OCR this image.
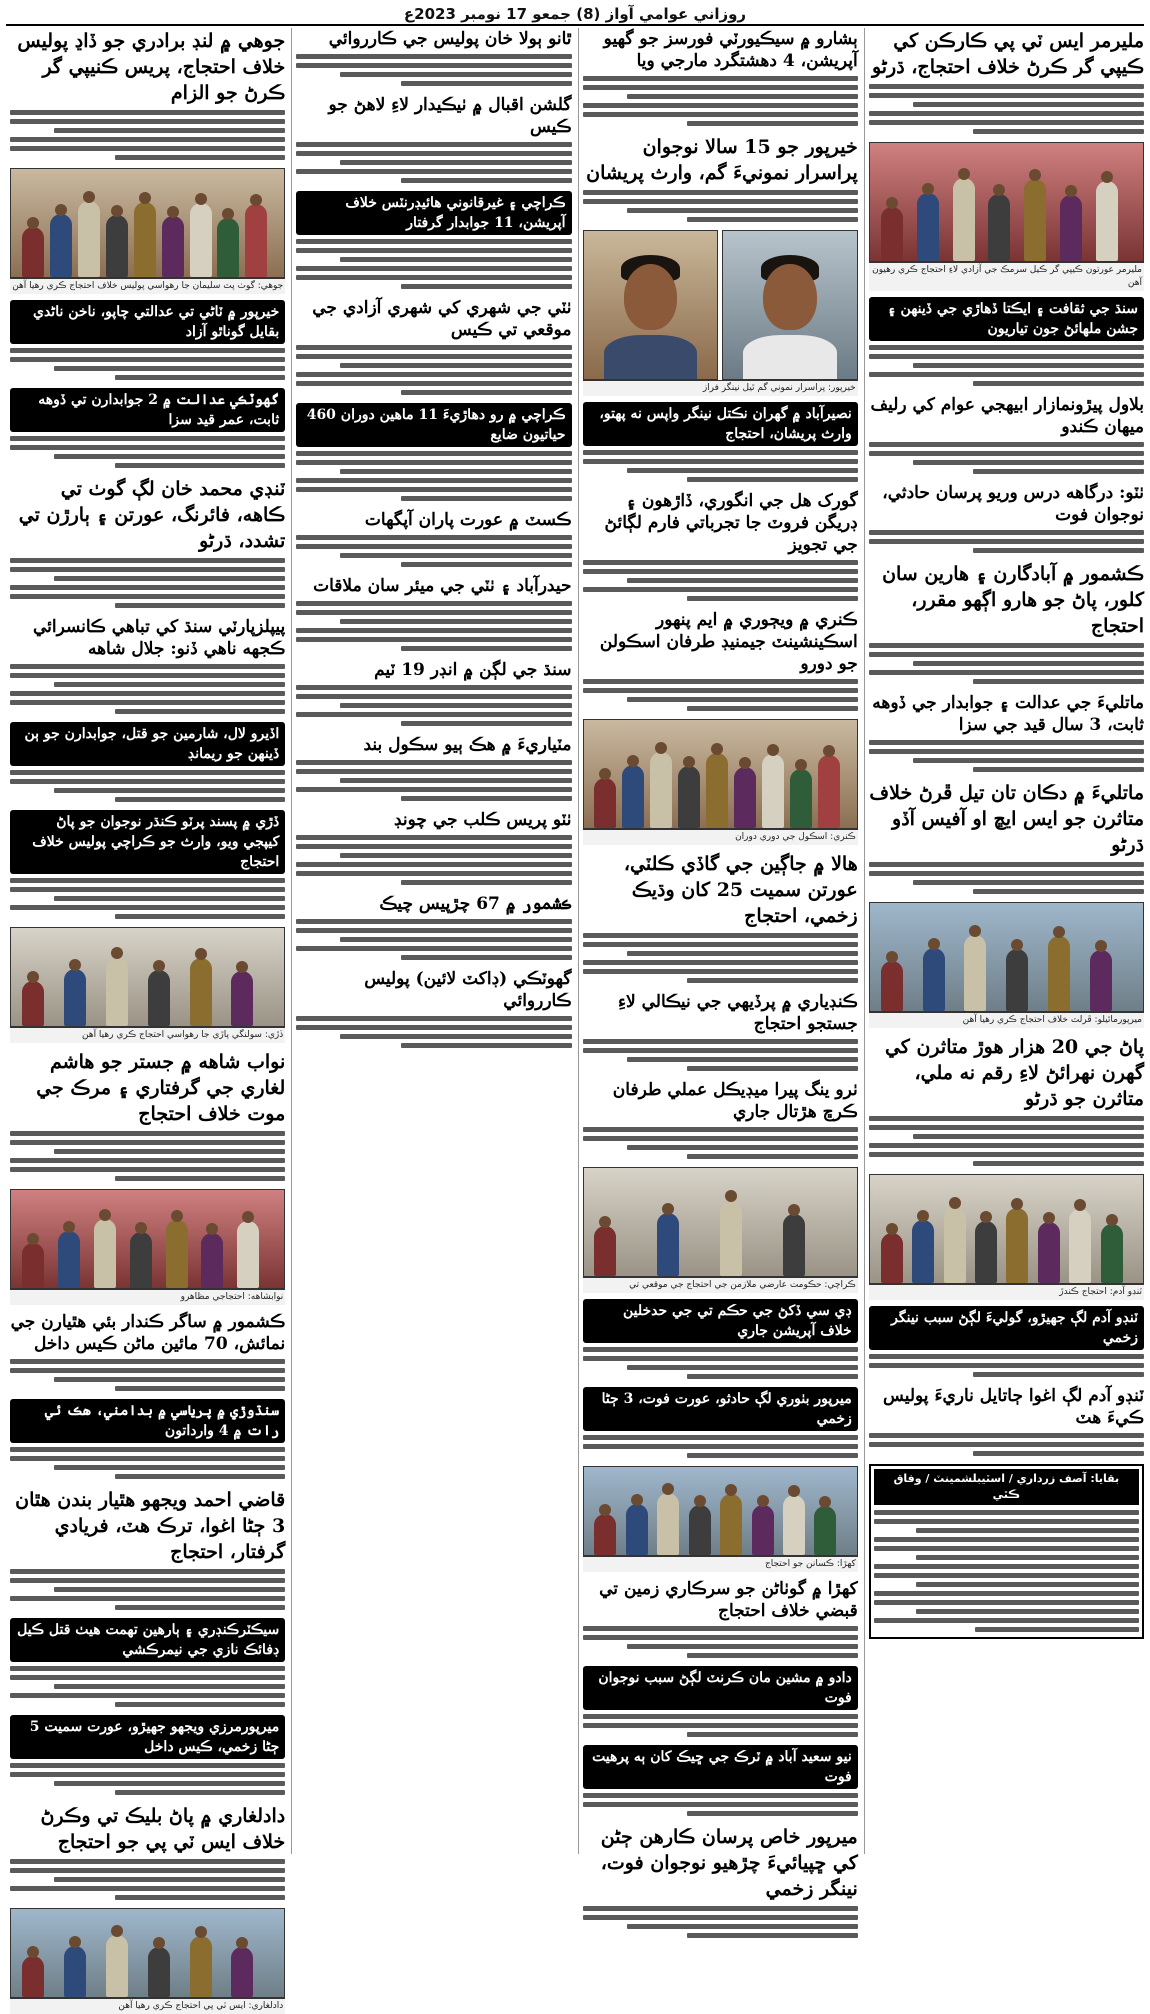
روزاني عوامي آواز (8) جمعو 17 نومبر 2023ع
مليرمر ايس ٽي پي ڪارڪن کي ڪيپي گر ڪرڻ خلاف احتجاج، ڌرڻو
مليرمر عورتون ڪيپي گر ڪيل سرمڪ جي آزادي لاءِ احتجاج ڪري رهيون آهن
سنڌ جي ثقافت ۽ ايڪتا ڏهاڙي جي ڏينهن ۽ جشن ملهائڻ جون تياريون
بلاول پيڙونمازار ابيهجي عوام کي رليف ميهان ڪندو
ٺٽو: درگاهه درس وريو پرسان حادثي، نوجوان فوت
ڪشمور ۾ آبادگارن ۽ هارين سان کلور، پاڻ جو هارو اڳهو مقرر، احتجاج
ماتليءَ جي عدالت ۽ جوابدار جي ڏوهه ثابت، 3 سال قيد جي سزا
ماتليءَ ۾ دڪان تان تيل ڦرڻ خلاف متاثرن جو ايس ايڇ او آفيس آڏو ڌرڻو
ميرپورماٿيلو: ڦرلٽ خلاف احتجاج ڪري رهيا آهن
پاڻ جي 20 هزار هوڙ متاثرن کي گهرن نهرائڻ لاءِ رقم نه ملي، متاثرن جو ڌرڻو
ٽنڊو آدم: احتجاج ڪندڙ
ٽنڊو آدم لڳ جهيڙو، گوليءَ لڳڻ سبب نينگر زخمي
ٽنڊو آدم لڳ اغوا ڄاتايل ناريءَ پوليس ڪيءَ هٽ
بقايا: آصف زرداري / اسٽيبلشمينٽ / وفاق ڪٿي
ٻشارو ۾ سيڪيورٽي فورسز جو گهيو آپريشن، 4 دهشتگرد مارجي ويا
خيرپور جو 15 سالا نوجوان پراسرار نمونيءَ گم، وارث پريشان
خيرپور: پراسرار نموني گم ٿيل نينگر فراز
نصيرآباد ۾ گهران نڪتل نينگر واپس نه پهتو، وارث پريشان، احتجاج
گورک هل جي انگوري، ڏاڙهون ۽ ڊريگن فروٽ جا تجرباتي فارم لڳائڻ جي تجويز
ڪنري ۾ ويڄوري ۾ ايم پنهور اسڪينشينٽ جيمنيڊ طرفان اسڪولن جو دورو
ڪنري: اسڪول جي دوري دوران
هالا ۾ جاڳين جي گاڏي ڪلٽي، عورتن سميت 25 کان وڌيڪ زخمي، احتجاج
ڪنڊياري ۾ پرڏيهي جي نيڪالي لاءِ جستجو احتجاج
ٺرو ينگ پيرا ميڊيڪل عملي طرفان ڪرڇ هڙتال جاري
ڪراچي: حڪومت عارضي ملازمن جي احتجاج جي موقعي تي
ڊي سي ڏکڻ جي حڪم تي جي حدخلين خلاف آپريشن جاري
ميرپور بٺوري لڳ حادثو، عورت فوت، 3 ڄڻا زخمي
کهڙا: ڪسانن جو احتجاج
کهڙا ۾ گوٺاڻن جو سرڪاري زمين تي قبضي خلاف احتجاج
دادو ۾ مشين مان ڪرنٽ لڳڻ سبب نوجوان فوت
نيو سعيد آباد ۾ ٽرڪ جي ڇيڪ کان ٻه پرهيت فوت
ميرپور خاص پرسان ڪارهن ڄڻن کي ڇپيائيءَ چڙهيو نوجوان فوت، نينگر زخمي
ٿانو ٻولا خان پوليس جي ڪارروائي
گلشن اقبال ۾ ٺيڪيدار لاءِ لاهڻ جو ڪيس
ڪراچي ۽ غيرقانوني هائيڊرنٽس خلاف آپريشن، 11 جوابدار گرفتار
ٺٽي جي شهري کي شهري آزادي جي موقعي تي ڪيس
ڪراچي ۾ رو دهاڙيءَ 11 ماهين دوران 460 حياتيون ضايع
ڪسٽ ۾ عورت پاران آپگهات
حيدرآباد ۽ ٺٽي جي ميئر سان ملاقات
سنڌ جي لڳن ۾ انڊر 19 ٽيم
مٽياريءَ ۾ هڪ ٻيو سڪول بند
ٺٽو پريس ڪلب جي چونڊ
ڪشمور ۾ 67 چڙپيس چيڪ
گهوٽڪي (ڊاکٽ لائين) پوليس ڪارروائي
جوهي ۾ لنڊ برادري جو ڏاڍ پوليس خلاف احتجاج، پريس ڪنيپي گر ڪرڻ جو الزام
جوهي: گوٺ پٽ سليمان جا رهواسي پوليس خلاف احتجاج ڪري رهيا آهن
خيرپور ۾ ٽاڻي تي عدالتي چاپو، ناخن ناڻدي بقايل گوناٿو آزاد
گهوٽڪي عدالت ۾ 2 جوابدارن تي ڏوهه ثابت، عمر قيد سزا
ٽنڊي محمد خان لڳ گوٺ تي ڪاهه، فائرنگ، عورتن ۽ ٻارڙن تي تشدد، ڌرڻو
پيپلزپارٽي سنڌ کي تباهي ڪانسرائي ڪجهه ناهي ڏنو: جلال شاهه
اڏيرو لال، شارمين جو قتل، جوابدارن جو ٻن ڏينهن جو ريمانڊ
ڏڙي ۾ پسند پرٽو ڪنڌر نوجوان جو پاڻ کيپجي ويو، وارث جو ڪراچي پوليس خلاف احتجاج
ڏڙي: سولنگي پاڙي جا رهواسي احتجاج ڪري رهيا آهن
نواب شاهه ۾ جستر جو هاشم لغاري جي گرفتاري ۽ مرڪ جي موت خلاف احتجاج
نوابشاهه: احتجاجي مظاهرو
ڪشمور ۾ ساگر ڪندار بئي هٿيارن جي نمائش، 70 مائين ماڻن ڪيس داخل
سنڌوڙي ۾ پرياسي ۾ بدامني، هڪ ئي رات ۾ 4 وارداتون
قاضي احمد ويجهو هٿيار بندن هٿان 3 ڄڻا اغوا، ترڪ هٽ، فريادي گرفتار، احتجاج
سيڪٽرڪنڊري ۽ ٻارهين تهمت هيٺ قتل ڪيل ڊفائڪ نازي جي نيمرڪشي
ميرپورمرزي ويجهو جهيڙو، عورت سميت 5 ڄڻا زخمي، ڪيس داخل
دادلغاري ۾ پاڻ بليڪ تي وڪرڻ خلاف ايس ٽي پي جو احتجاج
دادلغاري: ايس ٽي پي احتجاج ڪري رهيا آهن
